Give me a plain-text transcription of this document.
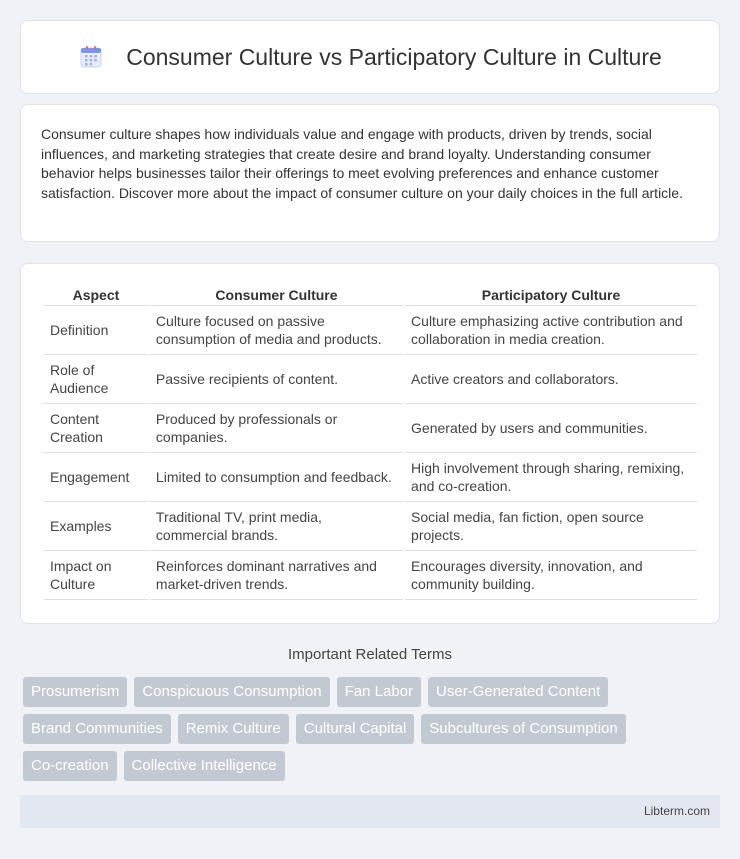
Consumer Culture vs Participatory Culture in Culture

Consumer culture shapes how individuals value and engage with products, driven by trends, social influences, and marketing strategies that create desire and brand loyalty. Understanding consumer behavior helps businesses tailor their offerings to meet evolving preferences and enhance customer satisfaction. Discover more about the impact of consumer culture on your daily choices in the full article.

Aspect	Consumer Culture	Participatory Culture
Definition	Culture focused on passive consumption of media and products.	Culture emphasizing active contribution and collaboration in media creation.
Role of Audience	Passive recipients of content.	Active creators and collaborators.
Content Creation	Produced by professionals or companies.	Generated by users and communities.
Engagement	Limited to consumption and feedback.	High involvement through sharing, remixing, and co-creation.
Examples	Traditional TV, print media, commercial brands.	Social media, fan fiction, open source projects.
Impact on Culture	Reinforces dominant narratives and market-driven trends.	Encourages diversity, innovation, and community building.
Important Related Terms
Prosumerism	Conspicuous Consumption	Fan Labor	User-Generated Content
Brand Communities	Remix Culture	Cultural Capital	Subcultures of Consumption
Co-creation	Collective Intelligence
Libterm.com
